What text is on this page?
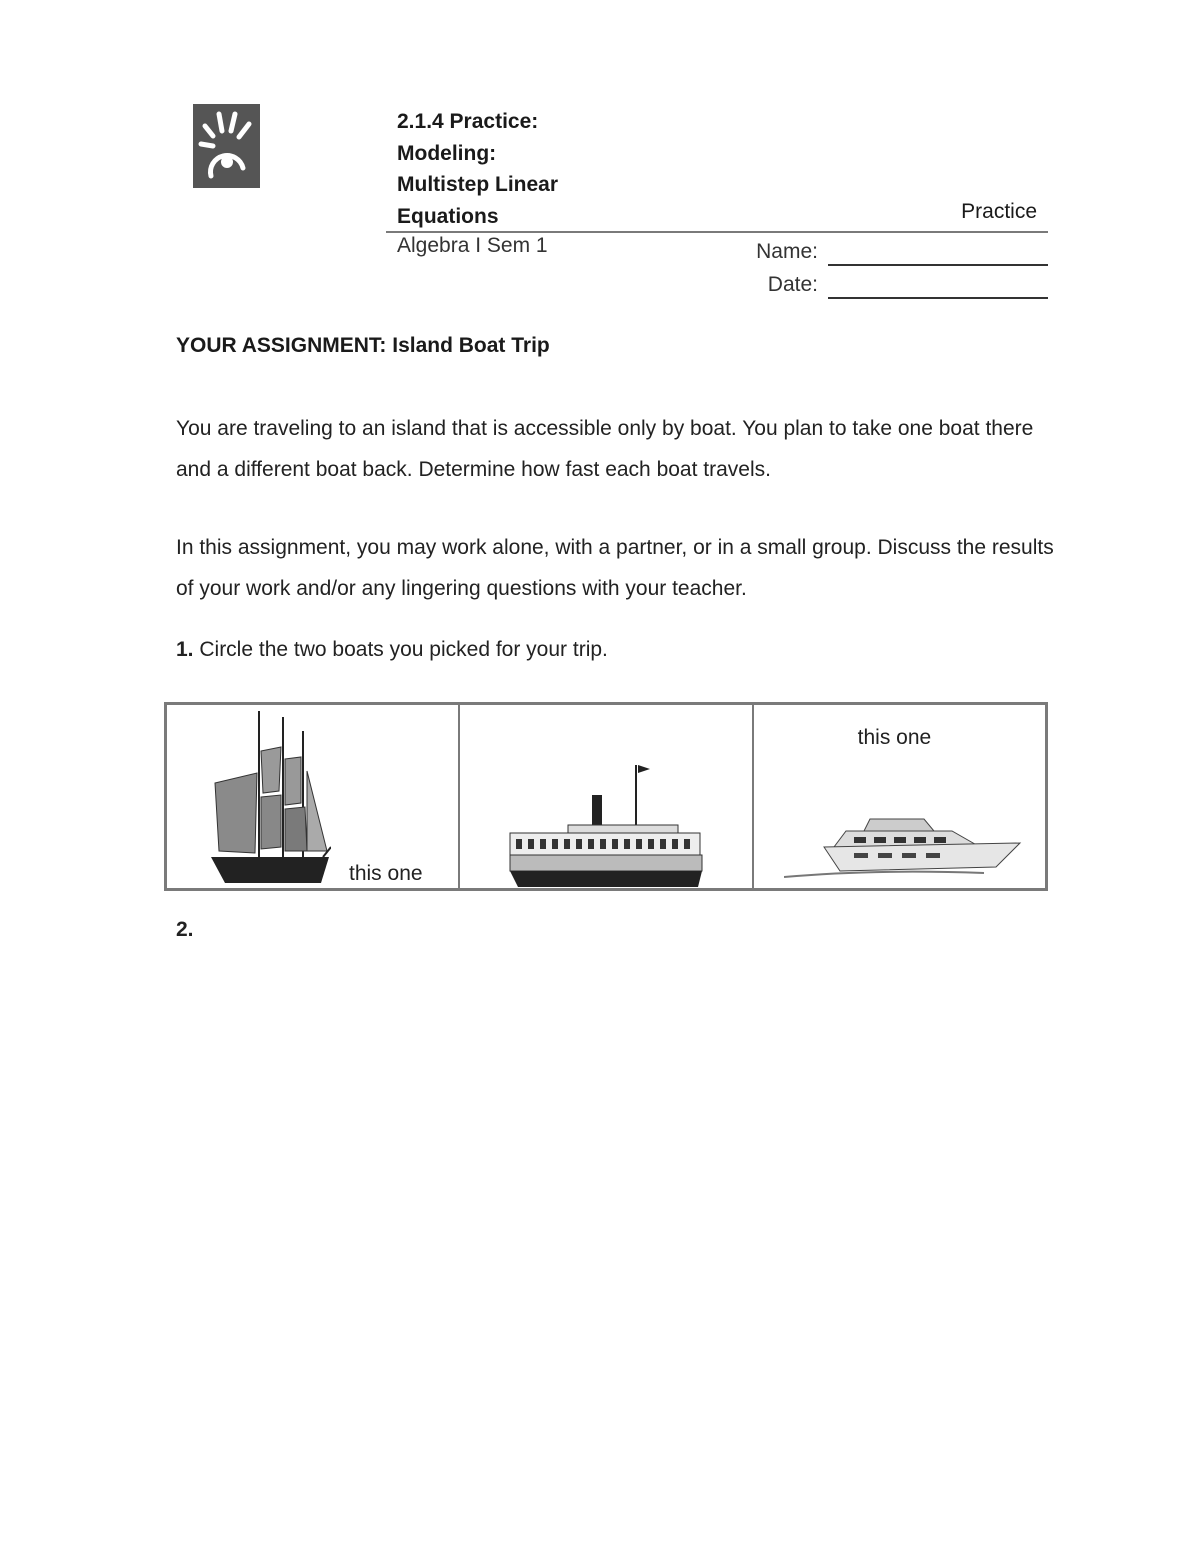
2.1.4 Practice:
Modeling:
Multistep Linear
Equations	Practice
Algebra I Sem 1	Name:
Date:
YOUR ASSIGNMENT: Island Boat Trip
You are traveling to an island that is accessible only by boat. You plan to take one boat there and a different boat back. Determine how fast each boat travels.
In this assignment, you may work alone, with a partner, or in a small group. Discuss the results of your work and/or any lingering questions with your teacher.
1. Circle the two boats you picked for your trip.
this one
this one
2.
